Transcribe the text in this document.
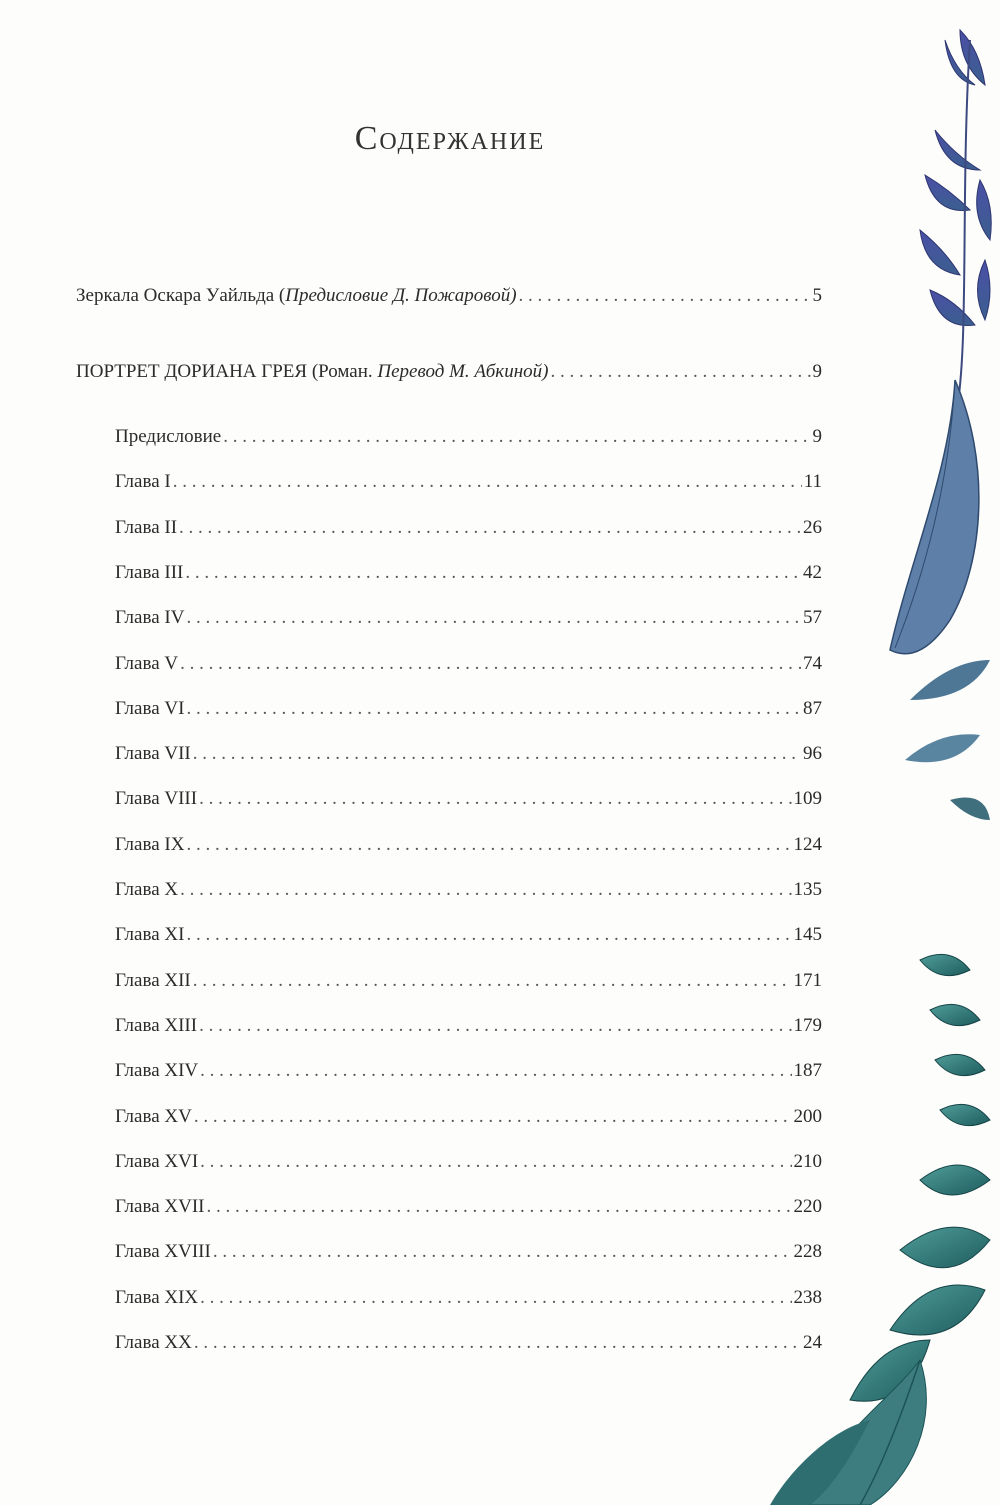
Содержание
Зеркала Оскара Уайльда (Предисловие Д. Пожаровой) . . .	5
ПОРТРЕТ ДОРИАНА ГРЕЯ (Роман. Перевод М. Абкиной) . . .	9
Предисловие . . .	9
Глава I . . .	11
Глава II . . .	26
Глава III . . .	42
Глава IV . . .	57
Глава V . . .	74
Глава VI . . .	87
Глава VII . . .	96
Глава VIII . . .	109
Глава IX . . .	124
Глава X . . .	135
Глава XI . . .	145
Глава XII . . .	171
Глава XIII . . .	179
Глава XIV . . .	187
Глава XV . . .	200
Глава XVI . . .	210
Глава XVII . . .	220
Глава XVIII . . .	228
Глава XIX . . .	238
Глава XX . . .	24
